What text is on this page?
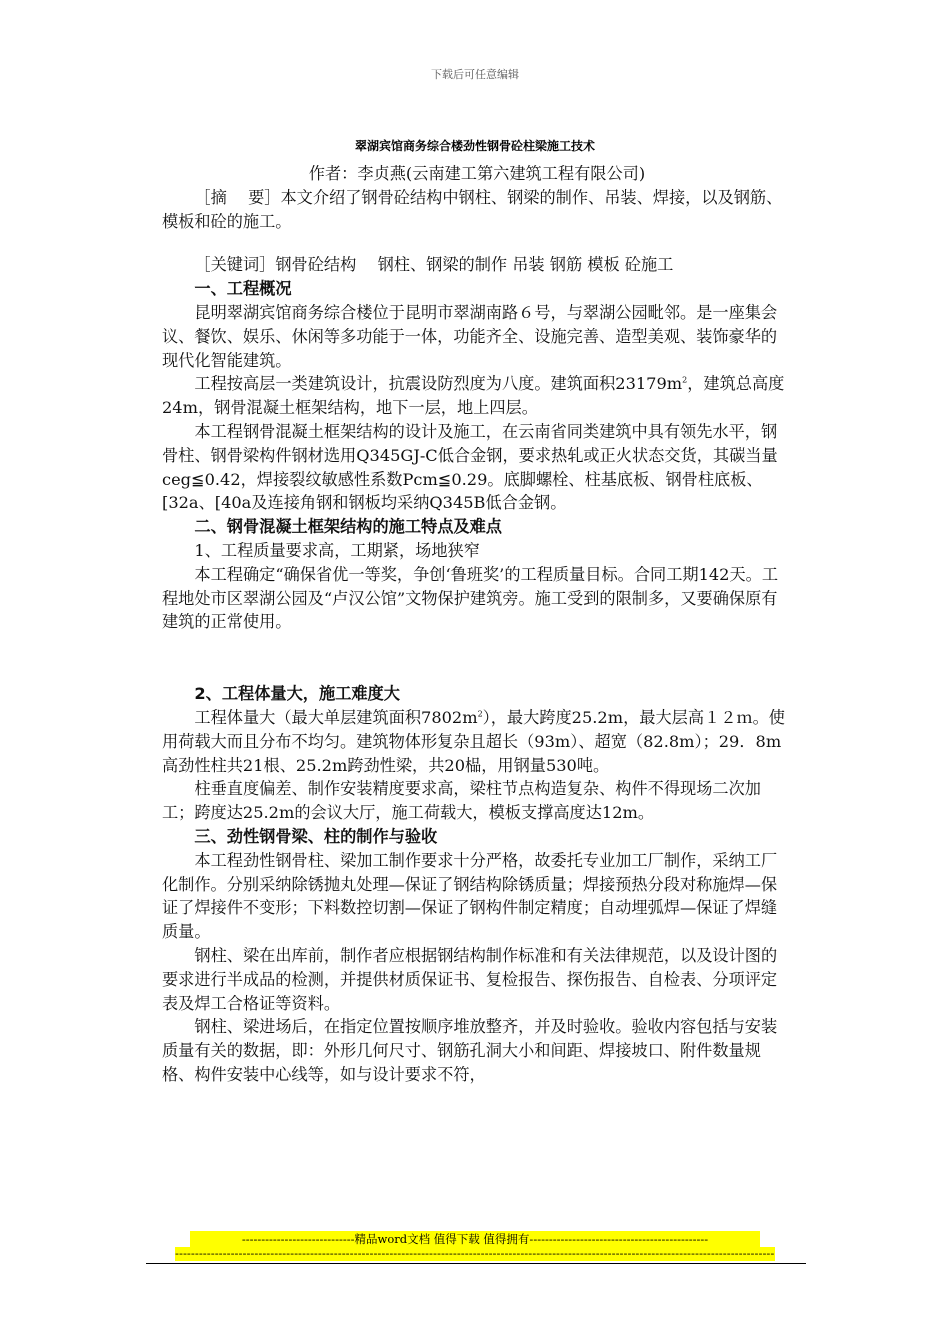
下载后可任意编辑
翠湖宾馆商务综合楼劲性钢骨砼柱梁施工技术

作者：李贞燕(云南建工第六建筑工程有限公司)

［摘　 要］本文介绍了钢骨砼结构中钢柱、钢梁的制作、吊装、焊接，以及钢筋、模板和砼的施工。

［关键词］钢骨砼结构　 钢柱、钢梁的制作 吊装 钢筋 模板 砼施工

一、工程概况

昆明翠湖宾馆商务综合楼位于昆明市翠湖南路６号，与翠湖公园毗邻。是一座集会议、餐饮、娱乐、休闲等多功能于一体，功能齐全、设施完善、造型美观、装饰豪华的现代化智能建筑。

工程按高层一类建筑设计，抗震设防烈度为八度。建筑面积$23179m^2$，建筑总高度24m，钢骨混凝土框架结构，地下一层，地上四层。

本工程钢骨混凝土框架结构的设计及施工，在云南省同类建筑中具有领先水平，钢骨柱、钢骨梁构件钢材选用Q345GJ-C低合金钢，要求热轧或正火状态交货，其碳当量ceg≦0.42，焊接裂纹敏感性系数Pcm≦0.29。底脚螺栓、柱基底板、钢骨柱底板、[32a、[40a及连接角钢和钢板均采纳Q345B低合金钢。

二、钢骨混凝土框架结构的施工特点及难点

1、工程质量要求高，工期紧，场地狭窄

本工程确定“确保省优一等奖，争创‘鲁班奖’的工程质量目标。合同工期142天。工程地处市区翠湖公园及“卢汉公馆”文物保护建筑旁。施工受到的限制多，又要确保原有建筑的正常使用。

2、工程体量大，施工难度大

工程体量大（最大单层建筑面积$7802m^2$），最大跨度25.2m，最大层高１２ｍ。使用荷载大而且分布不均匀。建筑物体形复杂且超长（93m）、超宽（82.8m）；29．8m高劲性柱共21根、25.2m跨劲性梁，共20榀，用钢量530吨。

柱垂直度偏差、制作安装精度要求高，梁柱节点构造复杂、构件不得现场二次加工；跨度达25.2m的会议大厅，施工荷载大，模板支撑高度达12m。

三、劲性钢骨梁、柱的制作与验收

本工程劲性钢骨柱、梁加工制作要求十分严格，故委托专业加工厂制作，采纳工厂化制作。分别采纳除锈抛丸处理—保证了钢结构除锈质量；焊接预热分段对称施焊—保证了焊接件不变形；下料数控切割—保证了钢构件制定精度；自动埋弧焊—保证了焊缝质量。

钢柱、梁在出库前，制作者应根据钢结构制作标准和有关法律规范，以及设计图的要求进行半成品的检测，并提供材质保证书、复检报告、探伤报告、自检表、分项评定表及焊工合格证等资料。

钢柱、梁进场后，在指定位置按顺序堆放整齐，并及时验收。验收内容包括与安装质量有关的数据，即：外形几何尺寸、钢筋孔洞大小和间距、焊接坡口、附件数量规格、构件安装中心线等，如与设计要求不符，

-----------------------------精品word文档 值得下载 值得拥有----------------------------------------------
-------------------------------------------------------------------------------------------------------------------------------------------------------
